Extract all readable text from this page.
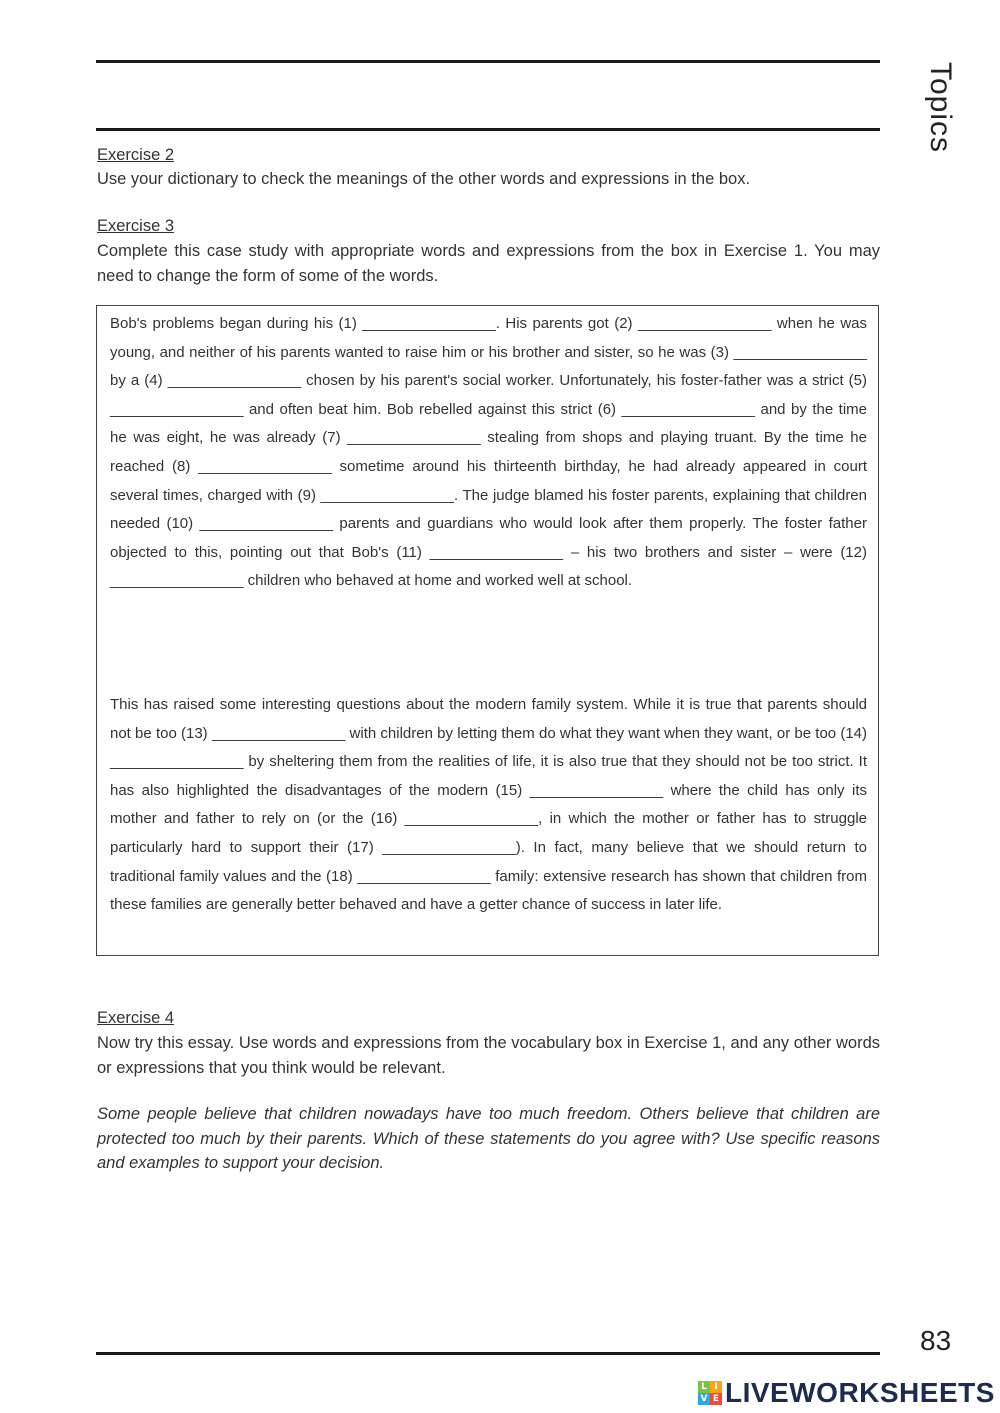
Topics
Exercise 2
Use your dictionary to check the meanings of the other words and expressions in the box.
Exercise 3
Complete this case study with appropriate words and expressions from the box in Exercise 1. You may need to change the form of some of the words.

Bob's problems began during his (1) ________________. His parents got (2) ________________ when he was young, and neither of his parents wanted to raise him or his brother and sister, so he was (3) ________________ by a (4) ________________ chosen by his parent's social worker. Unfortunately, his foster-father was a strict (5) ________________ and often beat him. Bob rebelled against this strict (6) ________________ and by the time he was eight, he was already (7) ________________ stealing from shops and playing truant. By the time he reached (8) ________________ sometime around his thirteenth birthday, he had already appeared in court several times, charged with (9) ________________. The judge blamed his foster parents, explaining that children needed (10) ________________ parents and guardians who would look after them properly. The foster father objected to this, pointing out that Bob's (11) ________________ – his two brothers and sister – were (12) ________________ children who behaved at home and worked well at school.

This has raised some interesting questions about the modern family system. While it is true that parents should not be too (13) ________________ with children by letting them do what they want when they want, or be too (14) ________________ by sheltering them from the realities of life, it is also true that they should not be too strict. It has also highlighted the disadvantages of the modern (15) ________________ where the child has only its mother and father to rely on (or the (16) ________________, in which the mother or father has to struggle particularly hard to support their (17) ________________). In fact, many believe that we should return to traditional family values and the (18) ________________ family: extensive research has shown that children from these families are generally better behaved and have a getter chance of success in later life.

Exercise 4
Now try this essay. Use words and expressions from the vocabulary box in Exercise 1, and any other words or expressions that you think would be relevant.
Some people believe that children nowadays have too much freedom. Others believe that children are protected too much by their parents. Which of these statements do you agree with? Use specific reasons and examples to support your decision.
83
L I
V E LIVEWORKSHEETS
